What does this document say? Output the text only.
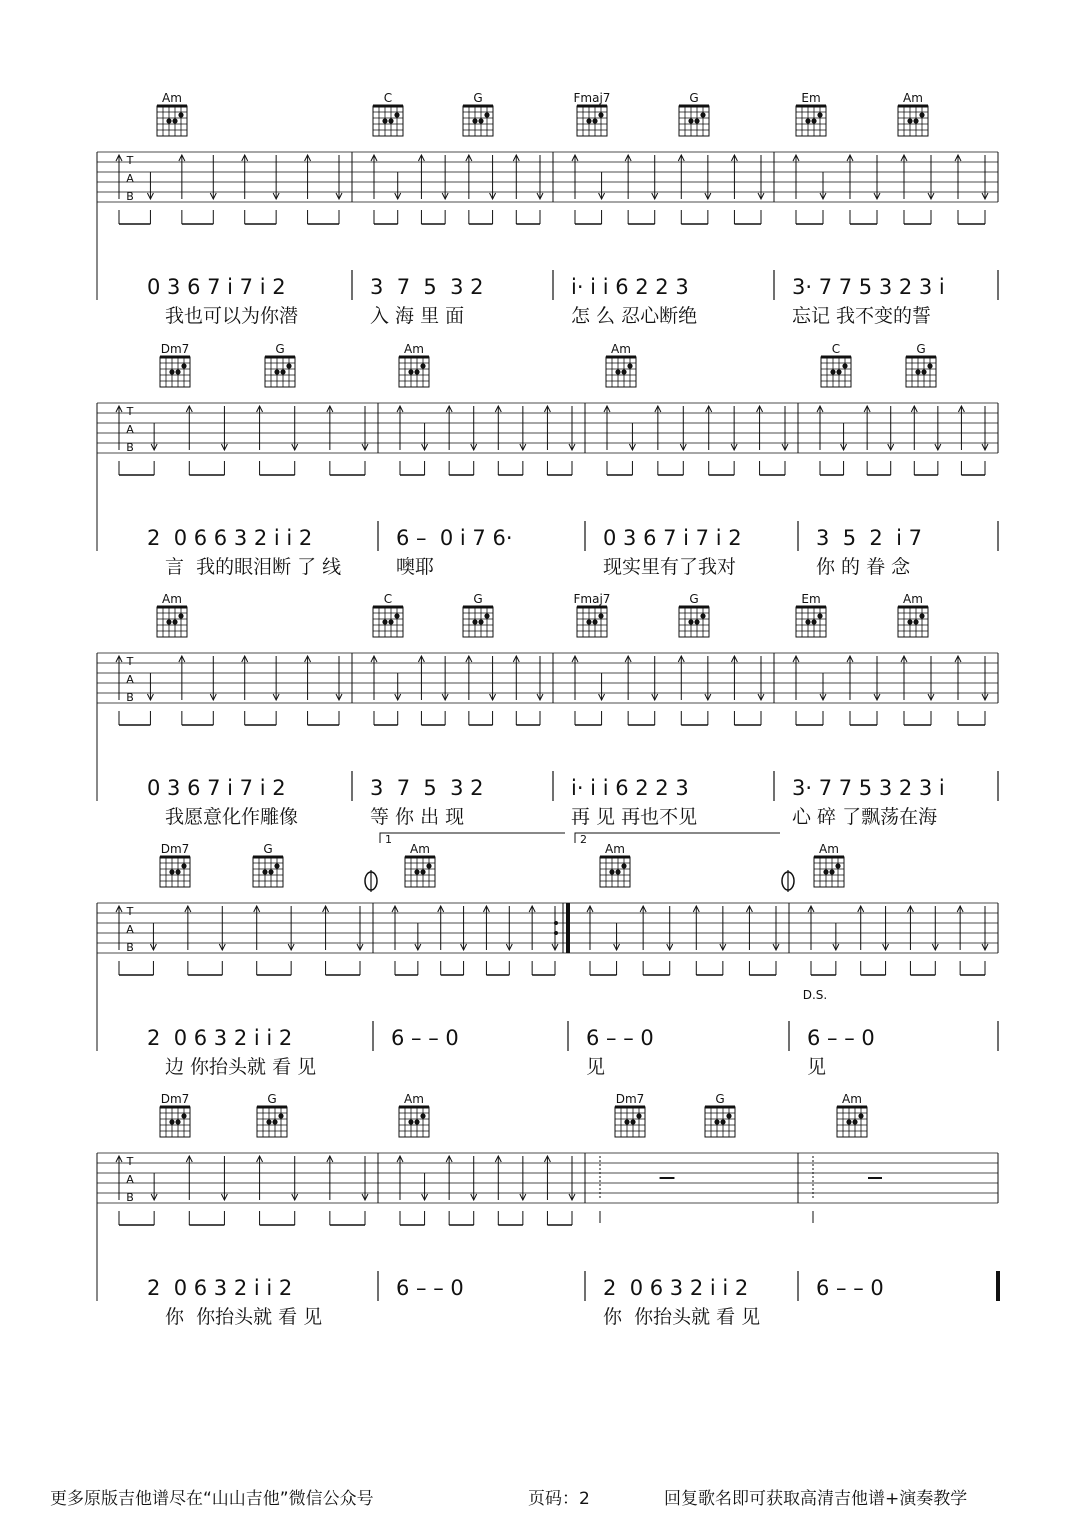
Am	C	G	Fmaj7	G	Em	Am
T
A
B
0 3 6 7 i 7 i 2
我也可以为你潜
3  7  5  3 2
入 海 里 面
i· i i 6 2 2 3
怎 么 忍心断绝
3· 7 7 5 3 2 3 i
忘记 我不变的誓
Dm7	G	Am	Am	C	G
T
A
B
2  0 6 6 3 2 i i 2
言  我的眼泪断 了 线
6 –  0 i 7 6·
噢耶
0 3 6 7 i 7 i 2
现实里有了我对
3  5  2  i 7
你 的 眷 念
Am	C	G	Fmaj7	G	Em	Am
T
A
B
0 3 6 7 i 7 i 2
我愿意化作雕像
3  7  5  3 2
等 你 出 现
i· i i 6 2 2 3
再 见 再也不见
3· 7 7 5 3 2 3 i
心 碎 了飘荡在海
Dm7	G	Am	Am	Am
T
A
B
2  0 6 3 2 i i 2
边 你抬头就 看 见
6 – – 0	6 – – 0
见
6 – – 0
见
Dm7	G	Am	Dm7	G	Am
T
A
B
2  0 6 3 2 i i 2
你  你抬头就 看 见
6 – – 0	2  0 6 3 2 i i 2
你  你抬头就 看 见
6 – – 0
1	2
D.S.
更多原版吉他谱尽在“山山吉他”微信公众号	页码：2	回复歌名即可获取高清吉他谱+演奏教学
